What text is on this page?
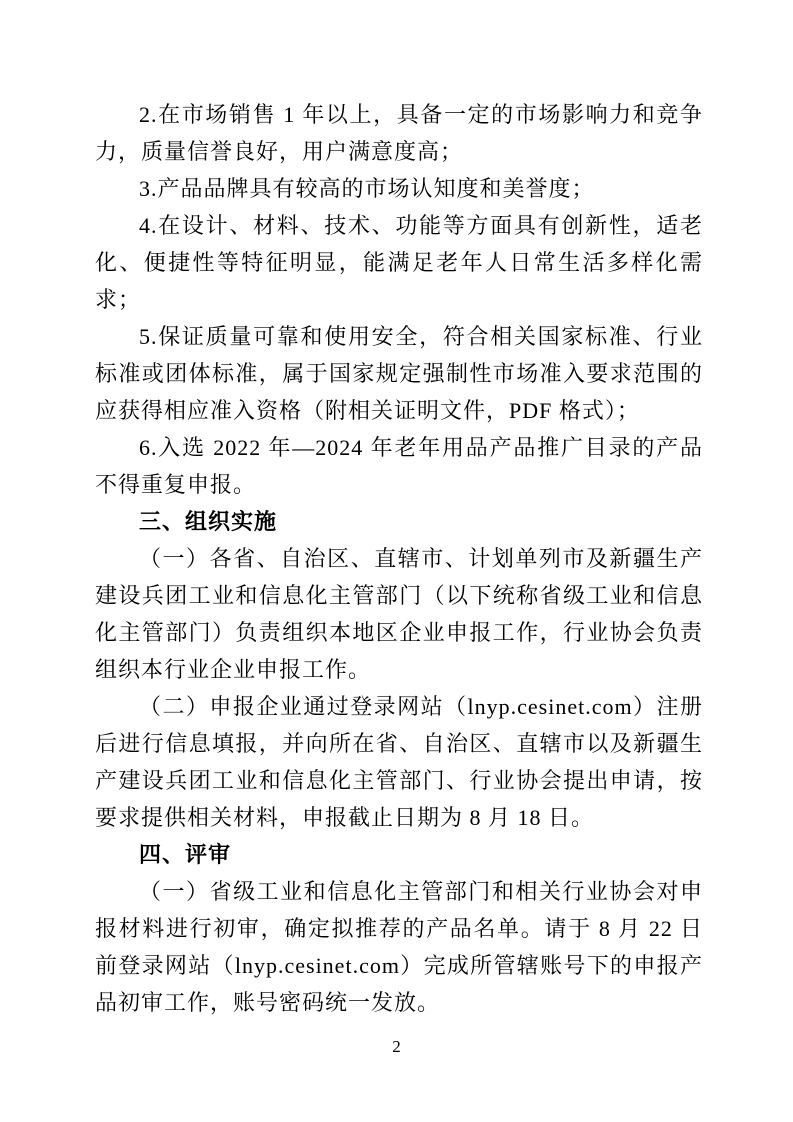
2.在市场销售 1 年以上，具备一定的市场影响力和竞争力，质量信誉良好，用户满意度高；

3.产品品牌具有较高的市场认知度和美誉度；

4.在设计、材料、技术、功能等方面具有创新性，适老化、便捷性等特征明显，能满足老年人日常生活多样化需求；

5.保证质量可靠和使用安全，符合相关国家标准、行业标准或团体标准，属于国家规定强制性市场准入要求范围的应获得相应准入资格（附相关证明文件，PDF 格式）；

6.入选 2022 年—2024 年老年用品产品推广目录的产品不得重复申报。

三、组织实施

（一）各省、自治区、直辖市、计划单列市及新疆生产建设兵团工业和信息化主管部门（以下统称省级工业和信息化主管部门）负责组织本地区企业申报工作，行业协会负责组织本行业企业申报工作。

（二）申报企业通过登录网站（lnyp.cesinet.com）注册后进行信息填报，并向所在省、自治区、直辖市以及新疆生产建设兵团工业和信息化主管部门、行业协会提出申请，按要求提供相关材料，申报截止日期为 8 月 18 日。

四、评审

（一）省级工业和信息化主管部门和相关行业协会对申报材料进行初审，确定拟推荐的产品名单。请于 8 月 22 日前登录网站（lnyp.cesinet.com）完成所管辖账号下的申报产品初审工作，账号密码统一发放。

2
